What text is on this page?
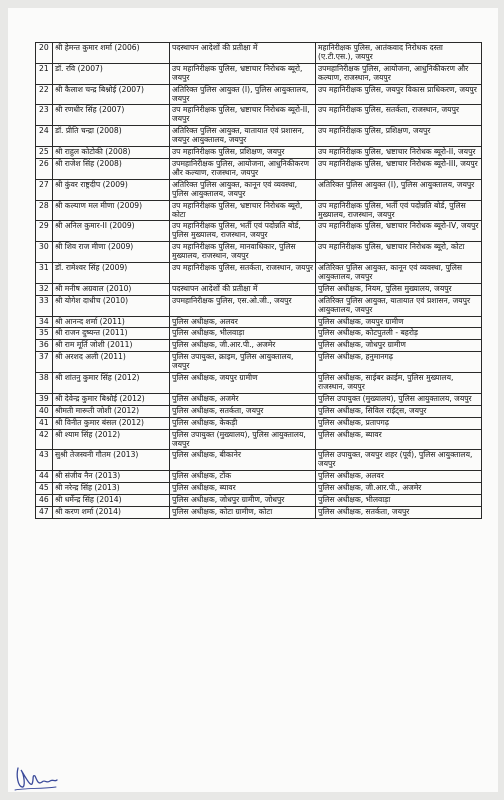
20	श्री हेमन्त कुमार शर्मा (2006)	पदस्थापन आदेशों की प्रतीक्षा में	महानिरीक्षक पुलिस, आतंकवाद निरोधक दस्ता (ए.टी.एस.), जयपुर
21	डॉ. रवि (2007)	उप महानिरीक्षक पुलिस, भ्रष्टाचार निरोधक ब्यूरो, जयपुर	उपमहानिरीक्षक पुलिस, आयोजना, आधुनिकीकरण और कल्याण, राजस्थान, जयपुर
22	श्री कैलाश चन्द्र बिश्नोई (2007)	अतिरिक्त पुलिस आयुक्त (I), पुलिस आयुक्तालय, जयपुर	उप महानिरीक्षक पुलिस, जयपुर विकास प्राधिकरण, जयपुर
23	श्री रणधीर सिंह (2007)	उप महानिरीक्षक पुलिस, भ्रष्टाचार निरोधक ब्यूरो-II, जयपुर	उप महानिरीक्षक पुलिस, सतर्कता, राजस्थान, जयपुर
24	डॉ. प्रीति चन्द्रा (2008)	अतिरिक्त पुलिस आयुक्त, यातायात एवं प्रशासन, जयपुर आयुक्तालय, जयपुर	उप महानिरीक्षक पुलिस, प्रशिक्षण, जयपुर
25	श्री राहुल कोटोकी (2008)	उप महानिरीक्षक पुलिस, प्रशिक्षण, जयपुर	उप महानिरीक्षक पुलिस, भ्रष्टाचार निरोधक ब्यूरो-II, जयपुर
26	श्री राजेश सिंह (2008)	उपमहानिरीक्षक पुलिस, आयोजना, आधुनिकीकरण और कल्याण, राजस्थान, जयपुर	उप महानिरीक्षक पुलिस, भ्रष्टाचार निरोधक ब्यूरो-III, जयपुर
27	श्री कुंवर राष्ट्रदीप (2009)	अतिरिक्त पुलिस आयुक्त, कानून एवं व्यवस्था, पुलिस आयुक्तालय, जयपुर	अतिरिक्त पुलिस आयुक्त (I), पुलिस आयुक्तालय, जयपुर
28	श्री कल्याण मल मीणा (2009)	उप महानिरीक्षक पुलिस, भ्रष्टाचार निरोधक ब्यूरो, कोटा	उप महानिरीक्षक पुलिस, भर्ती एवं पदोन्नति बोर्ड, पुलिस मुख्यालय, राजस्थान, जयपुर
29	श्री अनिल कुमार-II (2009)	उप महानिरीक्षक पुलिस, भर्ती एवं पदोन्नति बोर्ड, पुलिस मुख्यालय, राजस्थान, जयपुर	उप महानिरीक्षक पुलिस, भ्रष्टाचार निरोधक ब्यूरो-IV, जयपुर
30	श्री शिव राज मीणा (2009)	उप महानिरीक्षक पुलिस, मानवाधिकार, पुलिस मुख्यालय, राजस्थान, जयपुर	उप महानिरीक्षक पुलिस, भ्रष्टाचार निरोधक ब्यूरो, कोटा
31	डॉ. रामेश्वर सिंह (2009)	उप महानिरीक्षक पुलिस, सतर्कता, राजस्थान, जयपुर	अतिरिक्त पुलिस आयुक्त, कानून एवं व्यवस्था, पुलिस आयुक्तालय, जयपुर
32	श्री मनीष अग्रवाल (2010)	पदस्थापन आदेशों की प्रतीक्षा में	पुलिस अधीक्षक, नियम, पुलिस मुख्यालय, जयपुर
33	श्री योगेश दाधीच (2010)	उपमहानिरीक्षक पुलिस, एस.ओ.जी., जयपुर	अतिरिक्त पुलिस आयुक्त, यातायात एवं प्रशासन, जयपुर आयुक्तालय, जयपुर
34	श्री आनन्द शर्मा (2011)	पुलिस अधीक्षक, अलवर	पुलिस अधीक्षक, जयपुर ग्रामीण
35	श्री राजन दुष्यन्त (2011)	पुलिस अधीक्षक, भीलवाड़ा	पुलिस अधीक्षक, कोटपुतली - बहरोड़
36	श्री राम मूर्ति जोशी (2011)	पुलिस अधीक्षक, जी.आर.पी., अजमेर	पुलिस अधीक्षक, जोधपुर ग्रामीण
37	श्री अरशद अली (2011)	पुलिस उपायुक्त, क्राइम, पुलिस आयुक्तालय, जयपुर	पुलिस अधीक्षक, हनुमानगढ़
38	श्री शांतनु कुमार सिंह (2012)	पुलिस अधीक्षक, जयपुर ग्रामीण	पुलिस अधीक्षक, साईबर क्राईम, पुलिस मुख्यालय, राजस्थान, जयपुर
39	श्री देवेन्द्र कुमार बिश्नोई (2012)	पुलिस अधीक्षक, अजमेर	पुलिस उपायुक्त (मुख्यालय), पुलिस आयुक्तालय, जयपुर
40	श्रीमती मारूती जोशी (2012)	पुलिस अधीक्षक, सतर्कता, जयपुर	पुलिस अधीक्षक, सिविल राईट्स, जयपुर
41	श्री विनीत कुमार बंसल (2012)	पुलिस अधीक्षक, केकड़ी	पुलिस अधीक्षक, प्रतापगढ़
42	श्री श्याम सिंह (2012)	पुलिस उपायुक्त (मुख्यालय), पुलिस आयुक्तालय, जयपुर	पुलिस अधीक्षक, ब्यावर
43	सुश्री तेजस्वनी गौतम (2013)	पुलिस अधीक्षक, बीकानेर	पुलिस उपायुक्त, जयपुर शहर (पूर्व), पुलिस आयुक्तालय, जयपुर
44	श्री संजीव नैन (2013)	पुलिस अधीक्षक, टोंक	पुलिस अधीक्षक, अलवर
45	श्री नरेन्द्र सिंह (2013)	पुलिस अधीक्षक, ब्यावर	पुलिस अधीक्षक, जी.आर.पी., अजमेर
46	श्री धर्मेन्द्र सिंह (2014)	पुलिस अधीक्षक, जोधपुर ग्रामीण, जोधपुर	पुलिस अधीक्षक, भीलवाड़ा
47	श्री करण शर्मा (2014)	पुलिस अधीक्षक, कोटा ग्रामीण, कोटा	पुलिस अधीक्षक, सतर्कता, जयपुर
